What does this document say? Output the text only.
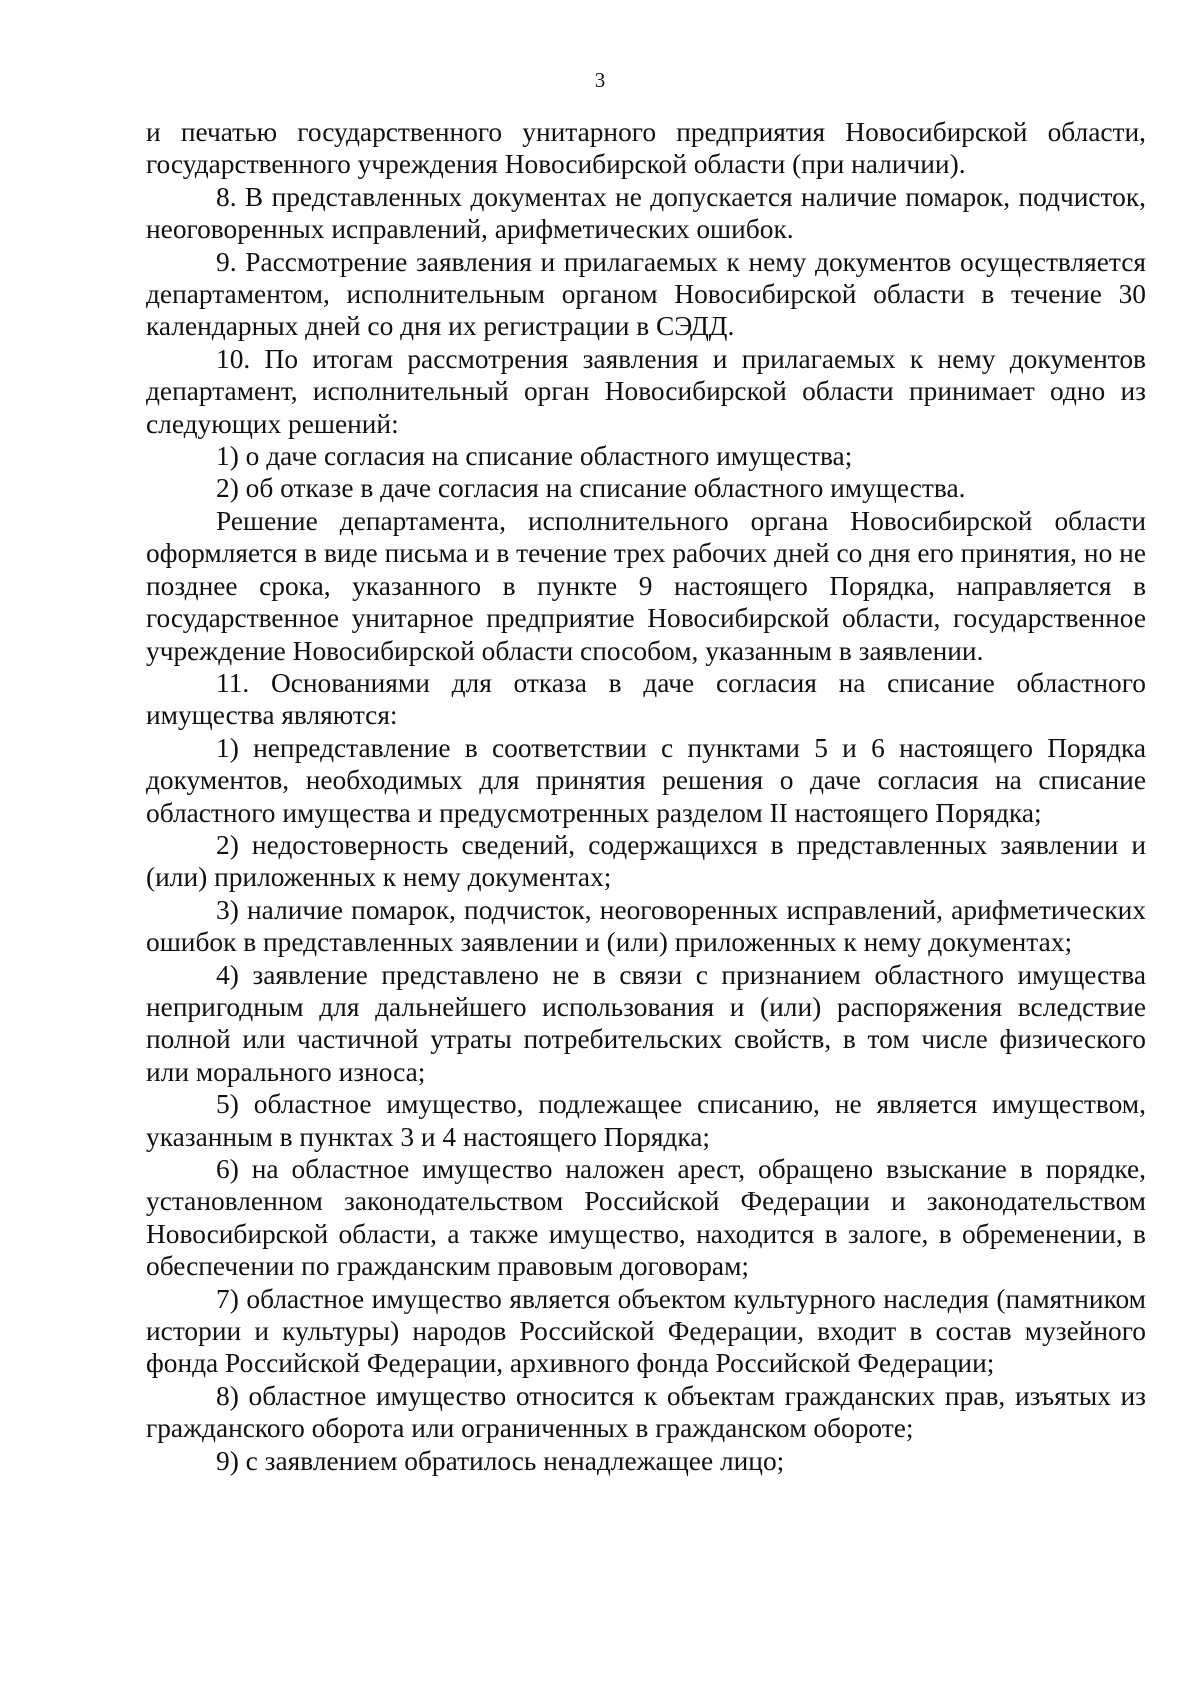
3

и печатью государственного унитарного предприятия Новосибирской области, государственного учреждения Новосибирской области (при наличии).

8. В представленных документах не допускается наличие помарок, подчисток, неоговоренных исправлений, арифметических ошибок.

9. Рассмотрение заявления и прилагаемых к нему документов осуществляется департаментом, исполнительным органом Новосибирской области в течение 30 календарных дней со дня их регистрации в СЭДД.

10. По итогам рассмотрения заявления и прилагаемых к нему документов департамент, исполнительный орган Новосибирской области принимает одно из следующих решений:

1) о даче согласия на списание областного имущества;

2) об отказе в даче согласия на списание областного имущества.

Решение департамента, исполнительного органа Новосибирской области оформляется в виде письма и в течение трех рабочих дней со дня его принятия, но не позднее срока, указанного в пункте 9 настоящего Порядка, направляется в государственное унитарное предприятие Новосибирской области, государственное учреждение Новосибирской области способом, указанным в заявлении.

11. Основаниями для отказа в даче согласия на списание областного имущества являются:

1) непредставление в соответствии с пунктами 5 и 6 настоящего Порядка документов, необходимых для принятия решения о даче согласия на списание областного имущества и предусмотренных разделом II настоящего Порядка;

2) недостоверность сведений, содержащихся в представленных заявлении и (или) приложенных к нему документах;

3) наличие помарок, подчисток, неоговоренных исправлений, арифметических ошибок в представленных заявлении и (или) приложенных к нему документах;

4) заявление представлено не в связи с признанием областного имущества непригодным для дальнейшего использования и (или) распоряжения вследствие полной или частичной утраты потребительских свойств, в том числе физического или морального износа;

5) областное имущество, подлежащее списанию, не является имуществом, указанным в пунктах 3 и 4 настоящего Порядка;

6) на областное имущество наложен арест, обращено взыскание в порядке, установленном законодательством Российской Федерации и законодательством Новосибирской области, а также имущество, находится в залоге, в обременении, в обеспечении по гражданским правовым договорам;

7) областное имущество является объектом культурного наследия (памятником истории и культуры) народов Российской Федерации, входит в состав музейного фонда Российской Федерации, архивного фонда Российской Федерации;

8) областное имущество относится к объектам гражданских прав, изъятых из гражданского оборота или ограниченных в гражданском обороте;

9) с заявлением обратилось ненадлежащее лицо;
